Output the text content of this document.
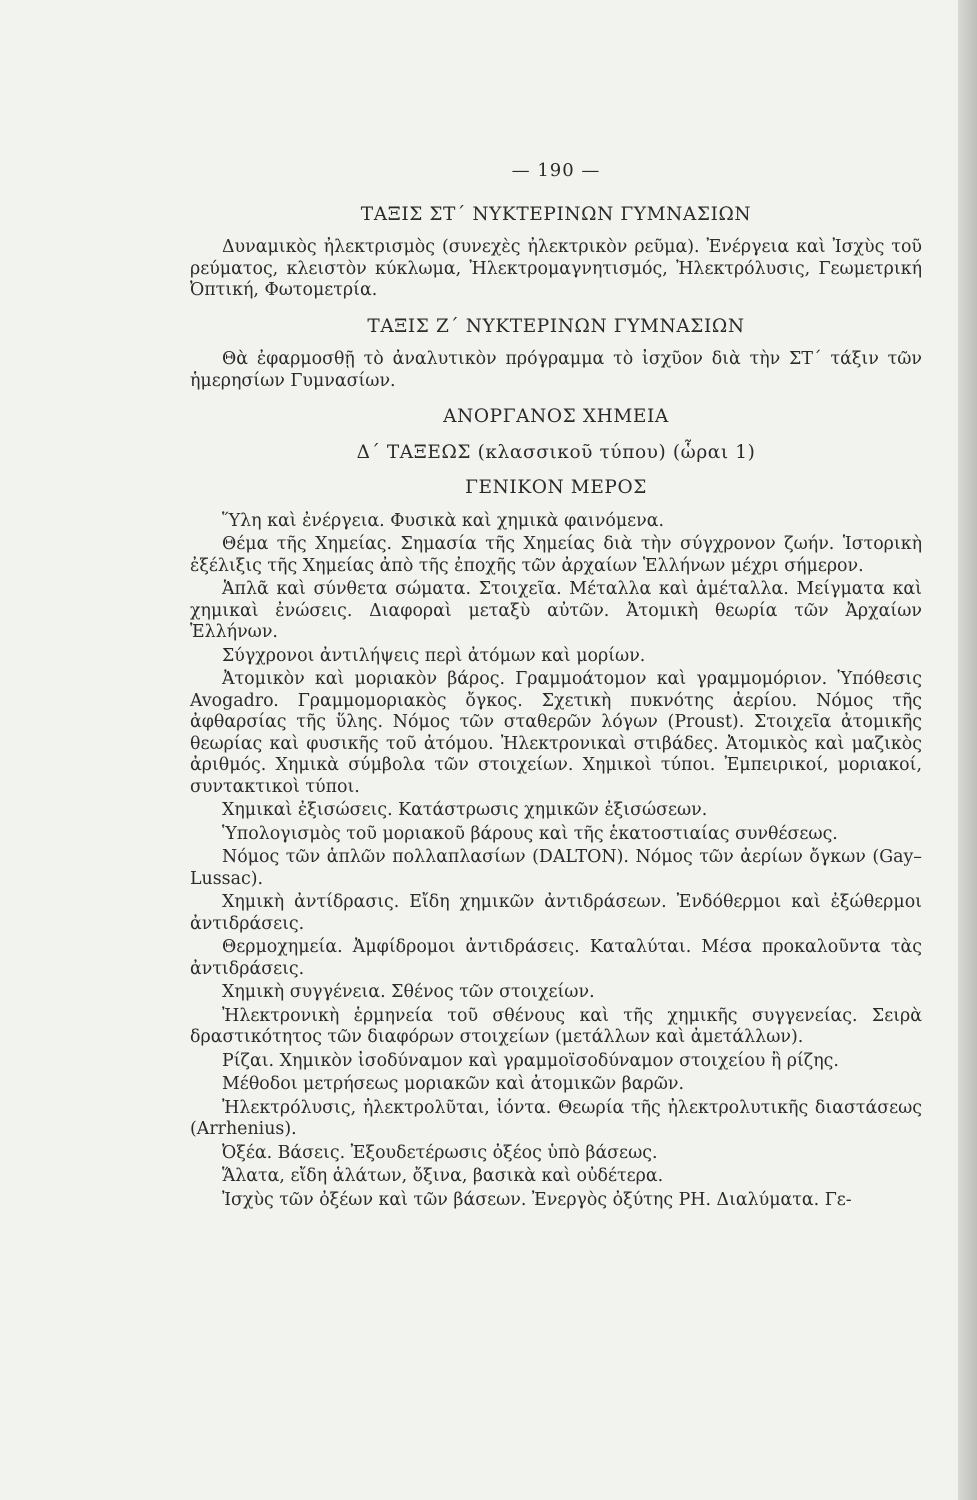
— 190 —
ΤΑΞΙΣ ΣΤ΄ ΝΥΚΤΕΡΙΝΩΝ ΓΥΜΝΑΣΙΩΝ

Δυναμικὸς ἠλεκτρισμὸς (συνεχὲς ἠλεκτρικὸν ρεῦμα). Ἐνέργεια καὶ Ἰσχὺς τοῦ ρεύματος, κλειστὸν κύκλωμα, Ἠλεκτρομαγνητισμός, Ἠλεκτρόλυσις, Γεωμετρική Ὀπτική, Φωτομετρία.

ΤΑΞΙΣ Ζ΄ ΝΥΚΤΕΡΙΝΩΝ ΓΥΜΝΑΣΙΩΝ

Θὰ ἐφαρμοσθῇ τὸ ἀναλυτικὸν πρόγραμμα τὸ ἰσχῦον διὰ τὴν ΣΤ΄ τάξιν τῶν ἡμερησίων Γυμνασίων.

ΑΝΟΡΓΑΝΟΣ ΧΗΜΕΙΑ
Δ΄ ΤΑΞΕΩΣ (κλασσικοῦ τύπου) (ὧραι 1)
ΓΕΝΙΚΟΝ ΜΕΡΟΣ

Ὕλη καὶ ἐνέργεια. Φυσικὰ καὶ χημικὰ φαινόμενα.

Θέμα τῆς Χημείας. Σημασία τῆς Χημείας διὰ τὴν σύγχρονον ζωήν. Ἱστορικὴ ἐξέλιξις τῆς Χημείας ἀπὸ τῆς ἐποχῆς τῶν ἀρχαίων Ἑλλήνων μέχρι σήμερον.

Ἁπλᾶ καὶ σύνθετα σώματα. Στοιχεῖα. Μέταλλα καὶ ἀμέταλλα. Μείγματα καὶ χημικαὶ ἐνώσεις. Διαφοραὶ μεταξὺ αὐτῶν. Ἀτομικὴ θεωρία τῶν Ἀρχαίων Ἑλλήνων.

Σύγχρονοι ἀντιλήψεις περὶ ἀτόμων καὶ μορίων.

Ἀτομικὸν καὶ μοριακὸν βάρος. Γραμμοάτομον καὶ γραμμομόριον. Ὑπόθεσις Avogadro. Γραμμομοριακὸς ὄγκος. Σχετικὴ πυκνότης ἀερίου. Νόμος τῆς ἀφθαρσίας τῆς ὕλης. Νόμος τῶν σταθερῶν λόγων (Proust). Στοιχεῖα ἀτομικῆς θεωρίας καὶ φυσικῆς τοῦ ἀτόμου. Ἠλεκτρονικαὶ στιβάδες. Ἀτομικὸς καὶ μαζικὸς ἀριθμός. Χημικὰ σύμβολα τῶν στοιχείων. Χημικοὶ τύποι. Ἐμπειρικοί, μοριακοί, συντακτικοὶ τύποι.

Χημικαὶ ἐξισώσεις. Κατάστρωσις χημικῶν ἐξισώσεων.

Ὑπολογισμὸς τοῦ μοριακοῦ βάρους καὶ τῆς ἑκατοστιαίας συνθέσεως.

Νόμος τῶν ἁπλῶν πολλαπλασίων (DALTON). Νόμος τῶν ἀερίων ὄγκων (Gay–Lussac).

Χημικὴ ἀντίδρασις. Εἴδη χημικῶν ἀντιδράσεων. Ἐνδόθερμοι καὶ ἐξώθερμοι ἀντιδράσεις.

Θερμοχημεία. Ἀμφίδρομοι ἀντιδράσεις. Καταλύται. Μέσα προκαλοῦντα τὰς ἀντιδράσεις.

Χημικὴ συγγένεια. Σθένος τῶν στοιχείων.

Ἠλεκτρονικὴ ἑρμηνεία τοῦ σθένους καὶ τῆς χημικῆς συγγενείας. Σειρὰ δραστικότητος τῶν διαφόρων στοιχείων (μετάλλων καὶ ἀμετάλλων).

Ρίζαι. Χημικὸν ἰσοδύναμον καὶ γραμμοϊσοδύναμον στοιχείου ἢ ρίζης.

Μέθοδοι μετρήσεως μοριακῶν καὶ ἀτομικῶν βαρῶν.

Ἠλεκτρόλυσις, ἠλεκτρολῦται, ἰόντα. Θεωρία τῆς ἠλεκτρολυτικῆς διαστάσεως (Arrhenius).

Ὀξέα. Βάσεις. Ἐξουδετέρωσις ὀξέος ὑπὸ βάσεως.

Ἅλατα, εἴδη ἁλάτων, ὄξινα, βασικὰ καὶ οὐδέτερα.

Ἰσχὺς τῶν ὀξέων καὶ τῶν βάσεων. Ἐνεργὸς ὀξύτης PH. Διαλύματα. Γε-
